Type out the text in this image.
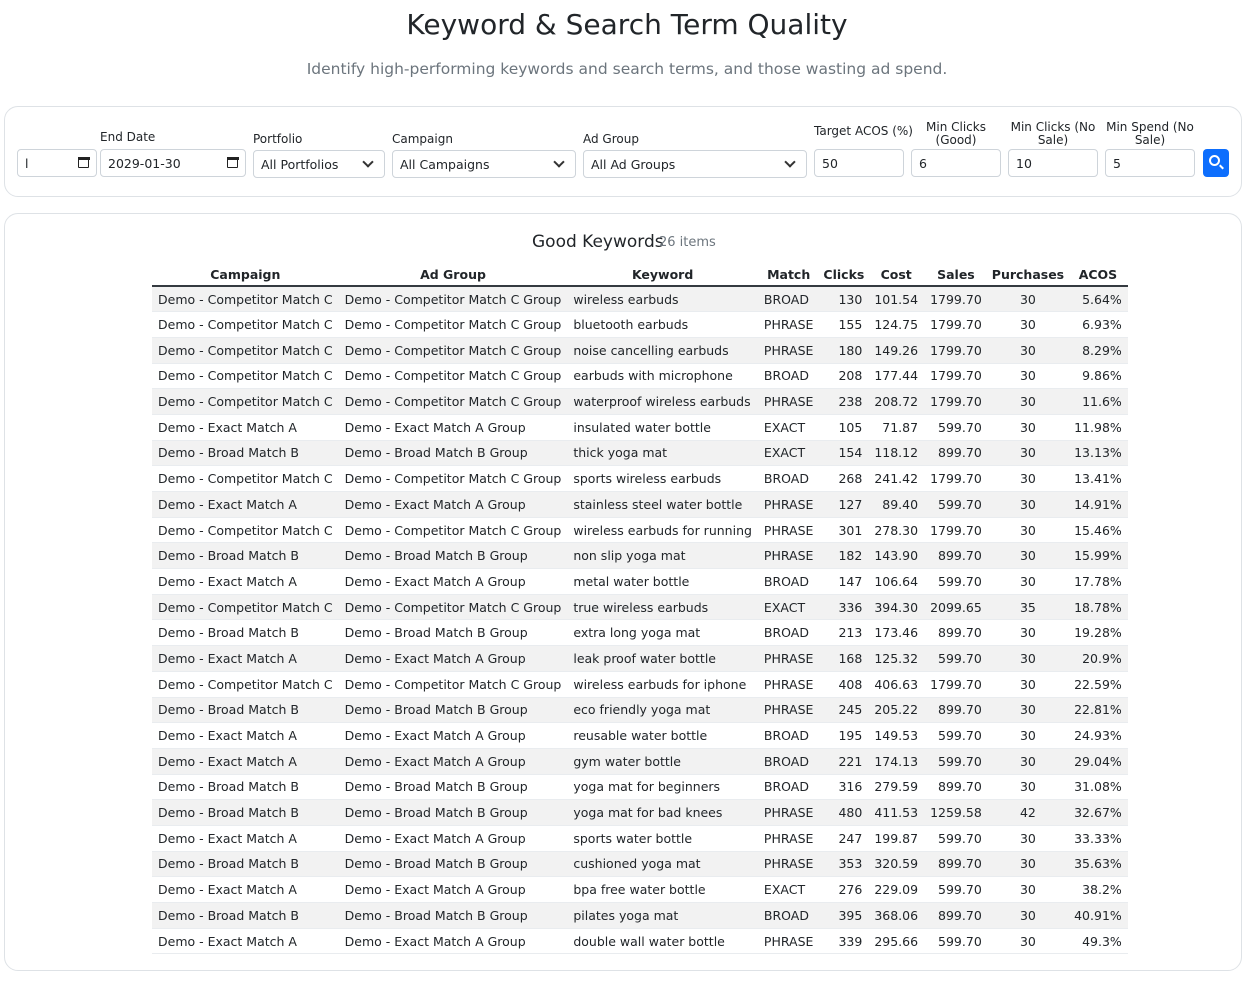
Keyword & Search Term Quality

Identify high-performing keywords and search terms, and those wasting ad spend.

l
End Date
2029-01-30
Portfolio
All Portfolios
Campaign
All Campaigns
Ad Group
All Ad Groups
Target ACOS (%)
50
Min Clicks
(Good)
6
Min Clicks (No
Sale)
10
Min Spend (No
Sale)
5
Good Keywords
26 items
Campaign	Ad Group	Keyword	Match	Clicks	Cost	Sales	Purchases	ACOS
Demo - Competitor Match C	Demo - Competitor Match C Group	wireless earbuds	BROAD	130	101.54	1799.70	30	5.64%
Demo - Competitor Match C	Demo - Competitor Match C Group	bluetooth earbuds	PHRASE	155	124.75	1799.70	30	6.93%
Demo - Competitor Match C	Demo - Competitor Match C Group	noise cancelling earbuds	PHRASE	180	149.26	1799.70	30	8.29%
Demo - Competitor Match C	Demo - Competitor Match C Group	earbuds with microphone	BROAD	208	177.44	1799.70	30	9.86%
Demo - Competitor Match C	Demo - Competitor Match C Group	waterproof wireless earbuds	PHRASE	238	208.72	1799.70	30	11.6%
Demo - Exact Match A	Demo - Exact Match A Group	insulated water bottle	EXACT	105	71.87	599.70	30	11.98%
Demo - Broad Match B	Demo - Broad Match B Group	thick yoga mat	EXACT	154	118.12	899.70	30	13.13%
Demo - Competitor Match C	Demo - Competitor Match C Group	sports wireless earbuds	BROAD	268	241.42	1799.70	30	13.41%
Demo - Exact Match A	Demo - Exact Match A Group	stainless steel water bottle	PHRASE	127	89.40	599.70	30	14.91%
Demo - Competitor Match C	Demo - Competitor Match C Group	wireless earbuds for running	PHRASE	301	278.30	1799.70	30	15.46%
Demo - Broad Match B	Demo - Broad Match B Group	non slip yoga mat	PHRASE	182	143.90	899.70	30	15.99%
Demo - Exact Match A	Demo - Exact Match A Group	metal water bottle	BROAD	147	106.64	599.70	30	17.78%
Demo - Competitor Match C	Demo - Competitor Match C Group	true wireless earbuds	EXACT	336	394.30	2099.65	35	18.78%
Demo - Broad Match B	Demo - Broad Match B Group	extra long yoga mat	BROAD	213	173.46	899.70	30	19.28%
Demo - Exact Match A	Demo - Exact Match A Group	leak proof water bottle	PHRASE	168	125.32	599.70	30	20.9%
Demo - Competitor Match C	Demo - Competitor Match C Group	wireless earbuds for iphone	PHRASE	408	406.63	1799.70	30	22.59%
Demo - Broad Match B	Demo - Broad Match B Group	eco friendly yoga mat	PHRASE	245	205.22	899.70	30	22.81%
Demo - Exact Match A	Demo - Exact Match A Group	reusable water bottle	BROAD	195	149.53	599.70	30	24.93%
Demo - Exact Match A	Demo - Exact Match A Group	gym water bottle	BROAD	221	174.13	599.70	30	29.04%
Demo - Broad Match B	Demo - Broad Match B Group	yoga mat for beginners	BROAD	316	279.59	899.70	30	31.08%
Demo - Broad Match B	Demo - Broad Match B Group	yoga mat for bad knees	PHRASE	480	411.53	1259.58	42	32.67%
Demo - Exact Match A	Demo - Exact Match A Group	sports water bottle	PHRASE	247	199.87	599.70	30	33.33%
Demo - Broad Match B	Demo - Broad Match B Group	cushioned yoga mat	PHRASE	353	320.59	899.70	30	35.63%
Demo - Exact Match A	Demo - Exact Match A Group	bpa free water bottle	EXACT	276	229.09	599.70	30	38.2%
Demo - Broad Match B	Demo - Broad Match B Group	pilates yoga mat	BROAD	395	368.06	899.70	30	40.91%
Demo - Exact Match A	Demo - Exact Match A Group	double wall water bottle	PHRASE	339	295.66	599.70	30	49.3%
